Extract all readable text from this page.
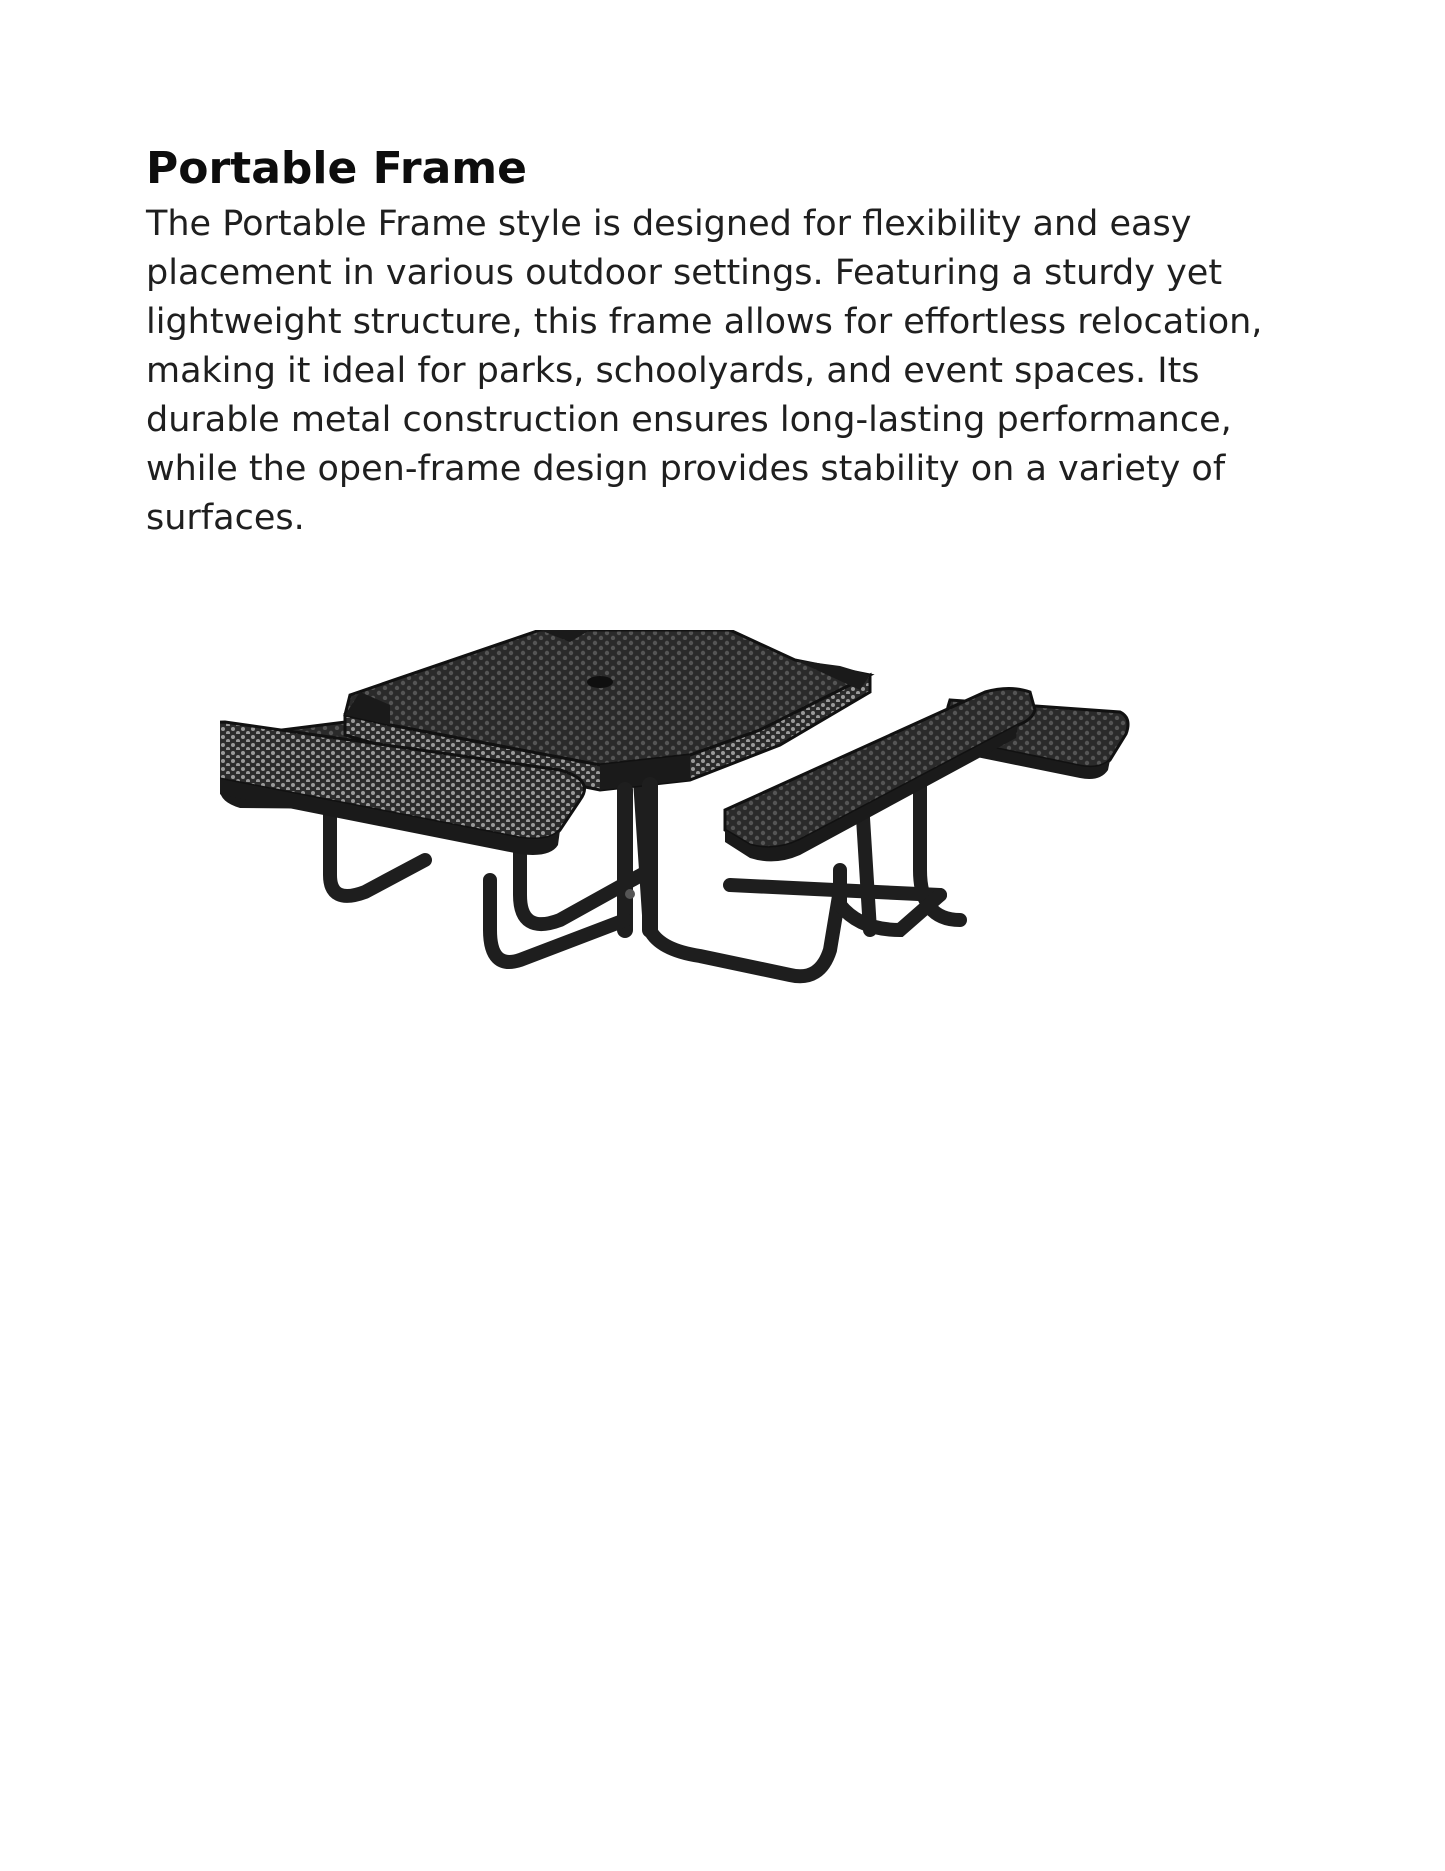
Portable Frame

The Portable Frame style is designed for flexibility and easy placement in various outdoor settings. Featuring a sturdy yet lightweight structure, this frame allows for effortless relocation, making it ideal for parks, schoolyards, and event spaces. Its durable metal construction ensures long-lasting performance, while the open-frame design provides stability on a variety of surfaces.
